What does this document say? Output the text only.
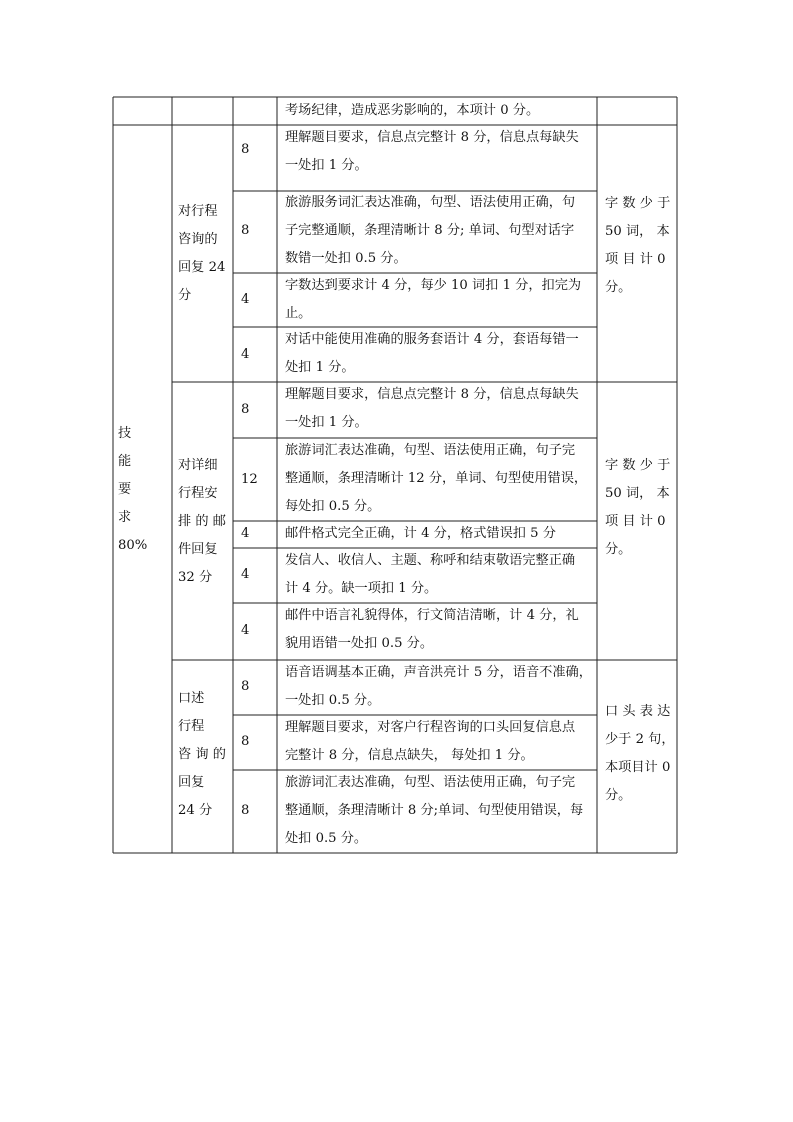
考场纪律，造成恶劣影响的，本项计 0 分。
技
能
要
求
80%
对行程
咨询的
回复 24
分
8
理解题目要求，信息点完整计 8 分，信息点每缺失
一处扣 1 分。
8
旅游服务词汇表达准确，句型、语法使用正确，句
子完整通顺，条理清晰计 8 分; 单词、句型对话字
数错一处扣 0.5 分。
4
字数达到要求计 4 分，每少 10 词扣 1 分，扣完为
止。
4
对话中能使用准确的服务套语计 4 分，套语每错一
处扣 1 分。
字 数 少 于
50 词， 本
项 目 计 0
分。
对详细
行程安
排 的 邮
件回复
32 分
8
理解题目要求，信息点完整计 8 分，信息点每缺失
一处扣 1 分。
12
旅游词汇表达准确，句型、语法使用正确，句子完
整通顺，条理清晰计 12 分，单词、句型使用错误，
每处扣 0.5 分。
4	邮件格式完全正确，计 4 分，格式错误扣 5 分
4
发信人、收信人、主题、称呼和结束敬语完整正确
计 4 分。缺一项扣 1 分。
4
邮件中语言礼貌得体，行文简洁清晰，计 4 分，礼
貌用语错一处扣 0.5 分。
字 数 少 于
50 词， 本
项 目 计 0
分。
口述
行程
咨 询 的
回复
24 分
8
语音语调基本正确，声音洪亮计 5 分，语音不准确，
一处扣 0.5 分。
8
理解题目要求，对客户行程咨询的口头回复信息点
完整计 8 分，信息点缺失， 每处扣 1 分。
8
旅游词汇表达准确，句型、语法使用正确，句子完
整通顺，条理清晰计 8 分;单词、句型使用错误，每
处扣 0.5 分。
口 头 表 达
少于 2 句，
本项目计 0
分。
